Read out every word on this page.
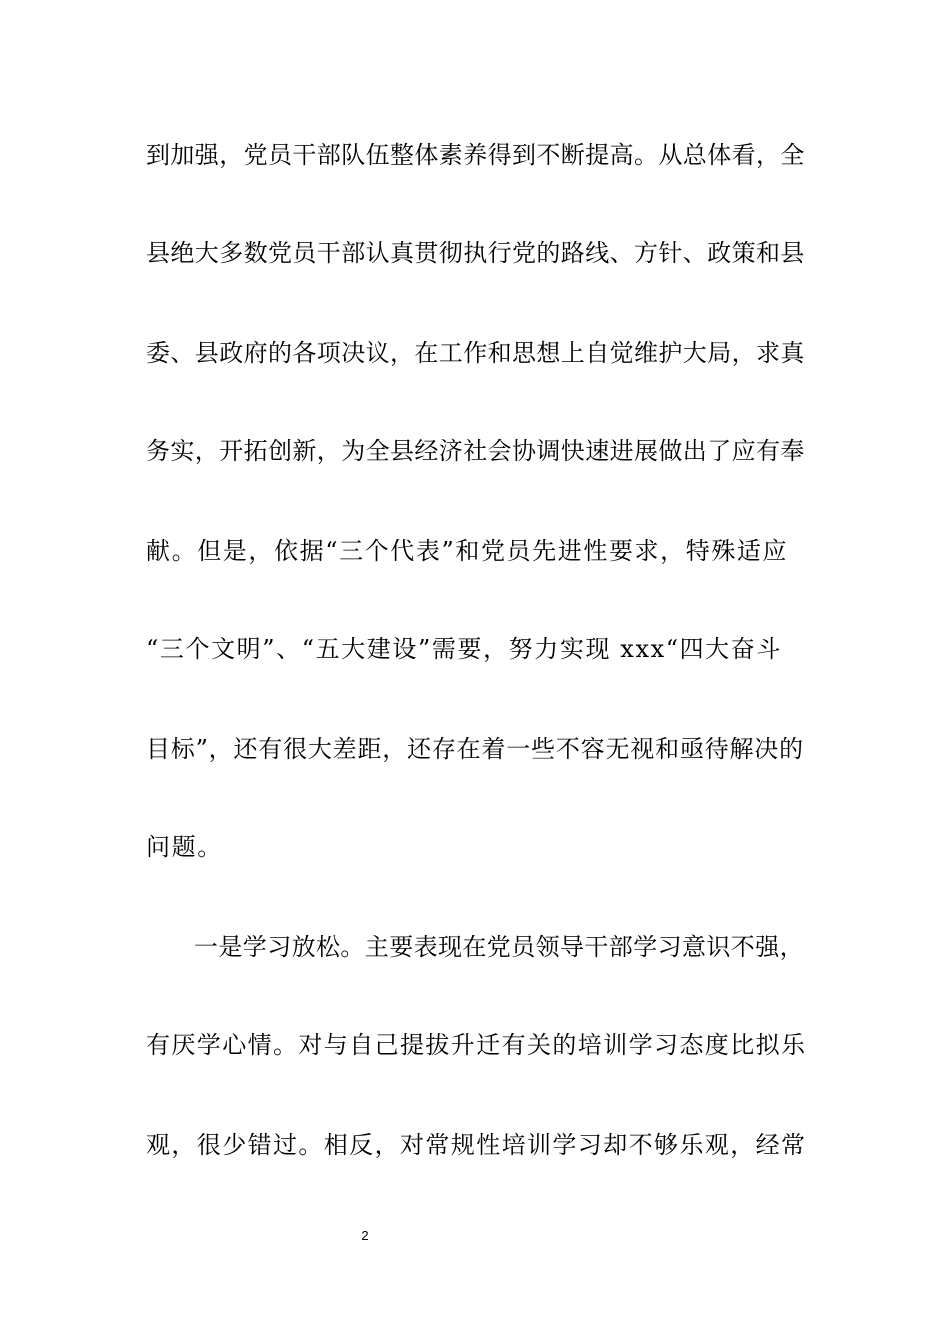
到加强，党员干部队伍整体素养得到不断提高。从总体看，全
县绝大多数党员干部认真贯彻执行党的路线、方针、政策和县
委、县政府的各项决议，在工作和思想上自觉维护大局，求真
务实，开拓创新，为全县经济社会协调快速进展做出了应有奉
献。但是，依据“三个代表”和党员先进性要求，特殊适应
“三个文明”、“五大建设”需要，努力实现 xxx“四大奋斗
目标”，还有很大差距，还存在着一些不容无视和亟待解决的
问题。
一是学习放松。主要表现在党员领导干部学习意识不强，
有厌学心情。对与自己提拔升迁有关的培训学习态度比拟乐
观，很少错过。相反，对常规性培训学习却不够乐观，经常
2
